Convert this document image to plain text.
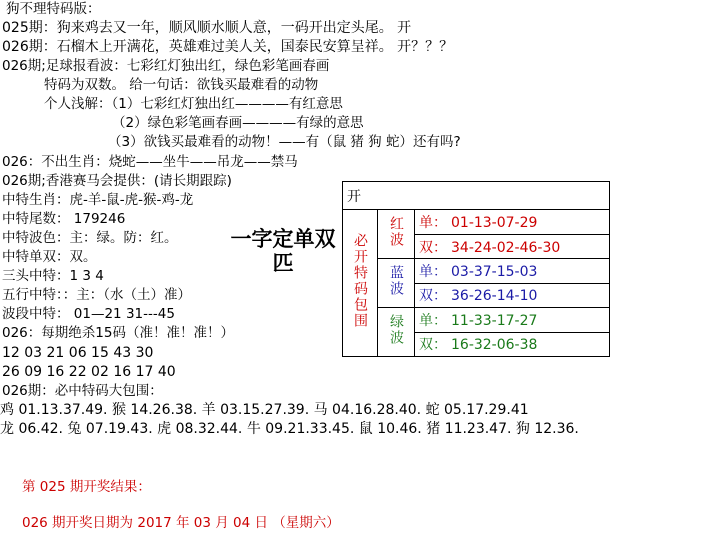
狗不理特码版：
025期：狗来鸡去又一年，顺风顺水顺人意，一码开出定头尾。 开
026期：石榴木上开满花，英雄难过美人关，国泰民安算呈祥。 开？？？
026期;足球报看波：七彩红灯独出红，绿色彩笔画春画
特码为双数。 给一句话：欲钱买最难看的动物
个人浅解：（1）七彩红灯独出红————有红意思
（2）绿色彩笔画春画————有绿的意思
（3）欲钱买最难看的动物！——有（鼠 猪 狗 蛇）还有吗?
026：不出生肖：烧蛇——坐牛——吊龙——禁马
026期;香港赛马会提供：(请长期跟踪)
中特生肖：虎-羊-鼠-虎-猴-鸡-龙
中特尾数： 179246
中特波色：主：绿。防：红。
中特单双：双。
三头中特：1 3 4
五行中特：：主：（水（土）准）
波段中特： 01—21 31---45
026：每期绝杀15码（准！准！准！）
12 03 21 06 15 43 30
26 09 16 22 02 16 17 40
026期：必中特码大包围：
鸡 01.13.37.49. 猴 14.26.38. 羊 03.15.27.39. 马 04.16.28.40. 蛇 05.17.29.41
龙 06.42. 兔 07.19.43. 虎 08.32.44. 牛 09.21.33.45. 鼠 10.46. 猪 11.23.47. 狗 12.36.
第 025 期开奖结果：
026 期开奖日期为 2017 年 03 月 04 日 （星期六）
一字定单双匹
开		
必开特码包围	红波	单： 01-13-07-29
		双： 34-24-02-46-30
	蓝波	单： 03-37-15-03
		双： 36-26-14-10
	绿波	单： 11-33-17-27
		双： 16-32-06-38
